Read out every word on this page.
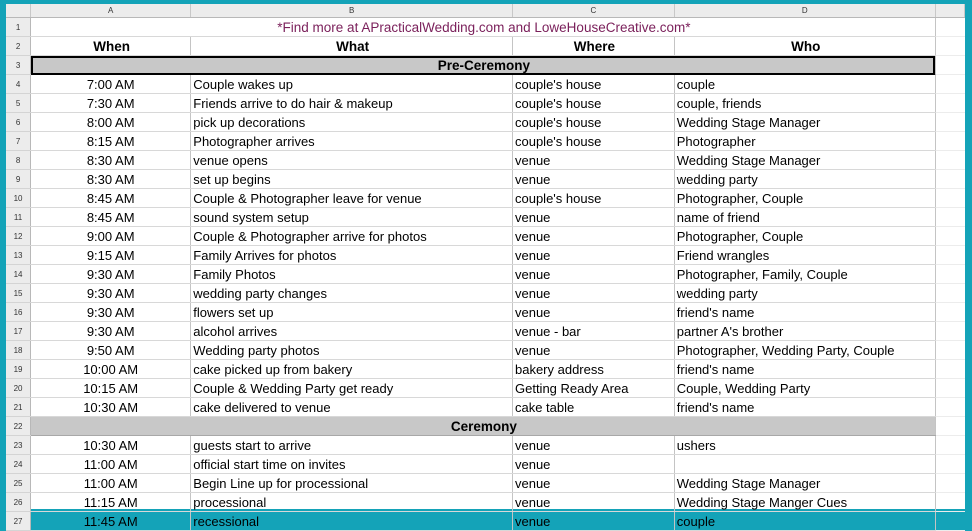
	A	B	C	D	
1	*Find more at APracticalWedding.com and LoweHouseCreative.com*				
2	When	What	Where	Who	
3	Pre-Ceremony				
4	7:00 AM	Couple wakes up	couple's house	couple	
5	7:30 AM	Friends arrive to do hair & makeup	couple's house	couple, friends	
6	8:00 AM	pick up decorations	couple's house	Wedding Stage Manager	
7	8:15 AM	Photographer arrives	couple's house	Photographer	
8	8:30 AM	venue opens	venue	Wedding Stage Manager	
9	8:30 AM	set up begins	venue	wedding party	
10	8:45 AM	Couple & Photographer leave for venue	couple's house	Photographer, Couple	
11	8:45 AM	sound system setup	venue	name of friend	
12	9:00 AM	Couple & Photographer arrive for photos	venue	Photographer, Couple	
13	9:15 AM	Family Arrives for photos	venue	Friend wrangles	
14	9:30 AM	Family Photos	venue	Photographer, Family, Couple	
15	9:30 AM	wedding party changes	venue	wedding party	
16	9:30 AM	flowers set up	venue	friend's name	
17	9:30 AM	alcohol arrives	venue - bar	partner A's brother	
18	9:50 AM	Wedding party photos	venue	Photographer, Wedding Party, Couple	
19	10:00 AM	cake picked up from bakery	bakery address	friend's name	
20	10:15 AM	Couple & Wedding Party get ready	Getting Ready Area	Couple, Wedding Party	
21	10:30 AM	cake delivered to venue	cake table	friend's name	
22	Ceremony				
23	10:30 AM	guests start to arrive	venue	ushers	
24	11:00 AM	official start time on invites	venue		
25	11:00 AM	Begin Line up for processional	venue	Wedding Stage Manager	
26	11:15 AM	processional	venue	Wedding Stage Manger Cues	
27	11:45 AM	recessional	venue	couple	
